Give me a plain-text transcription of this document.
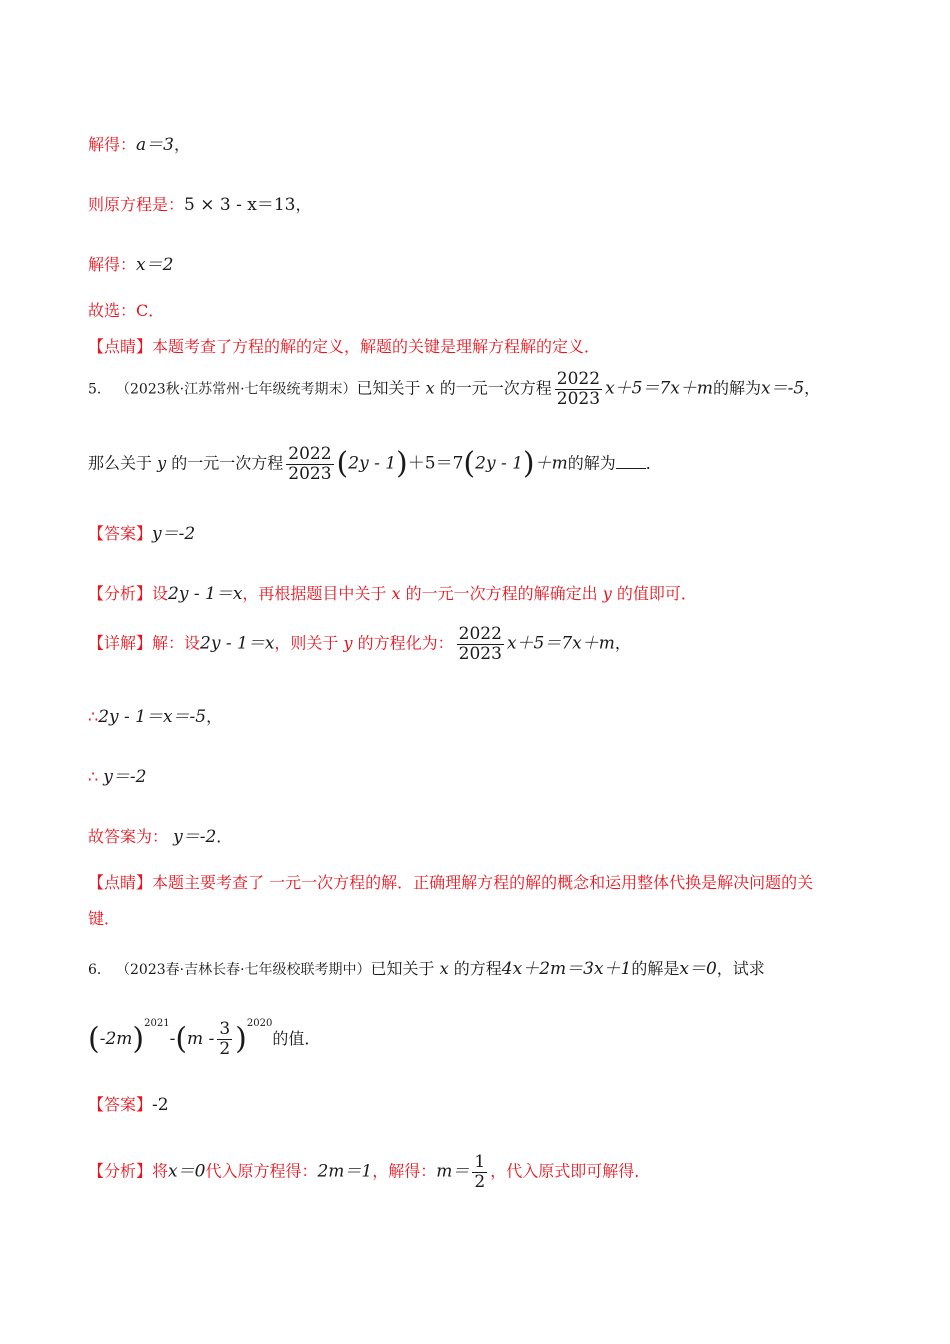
解得：a＝3，
则原方程是：5 × 3 - x＝13，
解得：x＝2
故选：C．
【点睛】本题考查了方程的解的定义，解题的关键是理解方程解的定义．
5． （2023秋·江苏常州·七年级统考期末）已知关于 x 的一元一次方程 $\frac{2022}{2023} x+5=7x+m$的解为x＝-5，
那么关于 y 的一元一次方程 $\frac{2022}{2023} (2y - 1)+5=7(2y - 1)+m$的解为 ．
【答案】y＝-2
【分析】设2y - 1＝x，再根据题目中关于 x 的一元一次方程的解确定出 y 的值即可．
【详解】解：设2y - 1＝x，则关于 y 的方程化为： $\frac{2022}{2023} x+5=7x+m$，
∴2y - 1＝x＝-5，
∴ y＝-2
故答案为： y＝-2．
【点睛】本题主要考查了 一元一次方程的解．正确理解方程的解的概念和运用整体代换是解决问题的关
键．
6． （2023春·吉林长春·七年级校联考期中）已知关于 x 的方程4x＋2m＝3x＋1的解是x＝0，试求
$(-2m)^{2021}-(m - \frac{3}{2} )^{2020}$的值．
【答案】-2
【分析】将x＝0代入原方程得：2m＝1，解得：$m= \frac{1}{2}$ ，代入原式即可解得．
